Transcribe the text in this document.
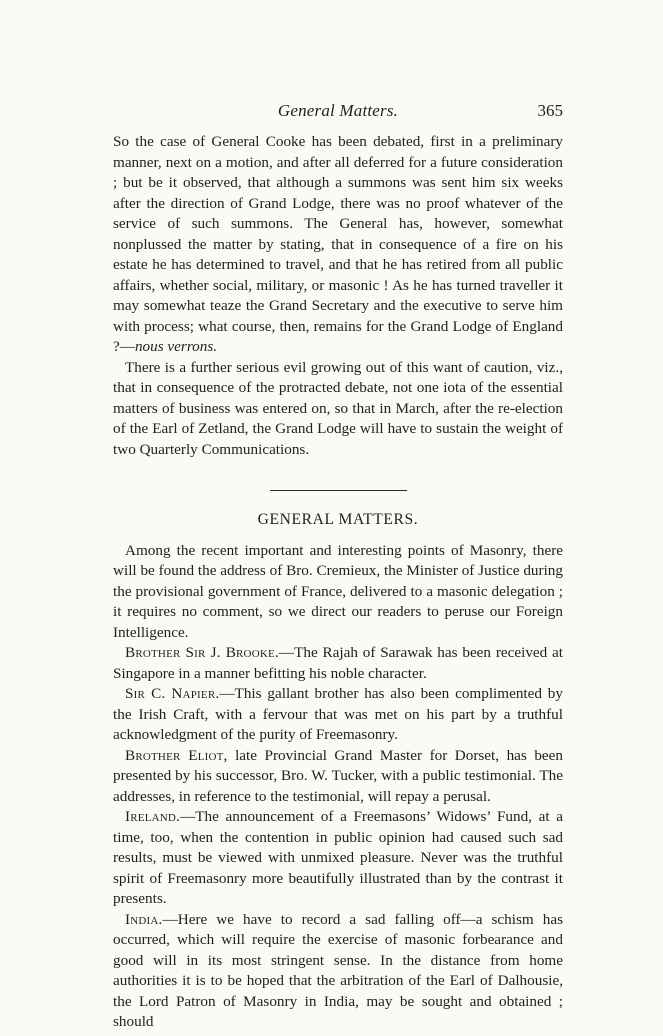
General Matters.	365

So the case of General Cooke has been debated, first in a preliminary manner, next on a motion, and after all deferred for a future consideration ; but be it observed, that although a summons was sent him six weeks after the direction of Grand Lodge, there was no proof whatever of the service of such summons. The General has, however, somewhat nonplussed the matter by stating, that in consequence of a fire on his estate he has determined to travel, and that he has retired from all public affairs, whether social, military, or masonic ! As he has turned traveller it may somewhat teaze the Grand Secretary and the executive to serve him with process; what course, then, remains for the Grand Lodge of England ?—nous verrons.

There is a further serious evil growing out of this want of caution, viz., that in consequence of the protracted debate, not one iota of the essential matters of business was entered on, so that in March, after the re-election of the Earl of Zetland, the Grand Lodge will have to sustain the weight of two Quarterly Communications.

GENERAL MATTERS.

Among the recent important and interesting points of Masonry, there will be found the address of Bro. Cremieux, the Minister of Justice during the provisional government of France, delivered to a masonic delegation ; it requires no comment, so we direct our readers to peruse our Foreign Intelligence.

Brother Sir J. Brooke.—The Rajah of Sarawak has been received at Singapore in a manner befitting his noble character.

Sir C. Napier.—This gallant brother has also been complimented by the Irish Craft, with a fervour that was met on his part by a truthful acknowledgment of the purity of Freemasonry.

Brother Eliot, late Provincial Grand Master for Dorset, has been presented by his successor, Bro. W. Tucker, with a public testimonial. The addresses, in reference to the testimonial, will repay a perusal.

Ireland.—The announcement of a Freemasons’ Widows’ Fund, at a time, too, when the contention in public opinion had caused such sad results, must be viewed with unmixed pleasure. Never was the truthful spirit of Freemasonry more beautifully illustrated than by the contrast it presents.

India.—Here we have to record a sad falling off—a schism has occurred, which will require the exercise of masonic forbearance and good will in its most stringent sense. In the distance from home authorities it is to be hoped that the arbitration of the Earl of Dalhousie, the Lord Patron of Masonry in India, may be sought and obtained ; should
